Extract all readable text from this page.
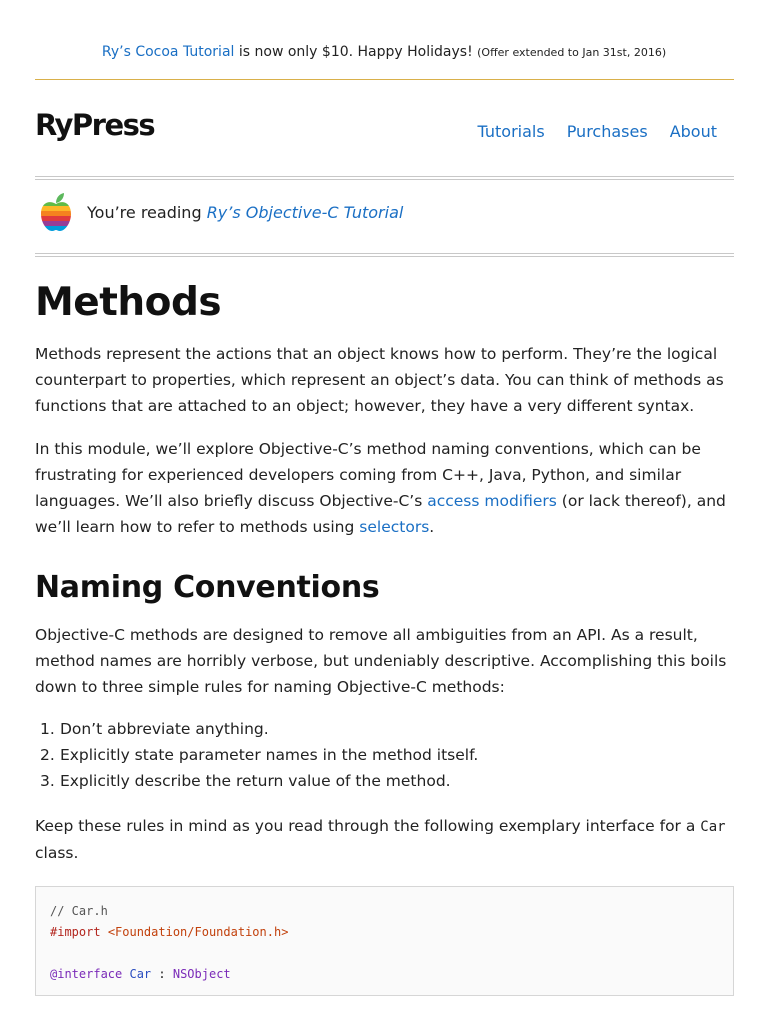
Ry’s Cocoa Tutorial is now only $10. Happy Holidays! (Offer extended to Jan 31st, 2016)
RyPress	Tutorials Purchases About
You’re reading Ry’s Objective-C Tutorial
Methods

Methods represent the actions that an object knows how to perform. They’re the logical counterpart to properties, which represent an object’s data. You can think of methods as functions that are attached to an object; however, they have a very different syntax.

In this module, we’ll explore Objective-C’s method naming conventions, which can be frustrating for experienced developers coming from C++, Java, Python, and similar languages. We’ll also briefly discuss Objective-C’s access modifiers (or lack thereof), and we’ll learn how to refer to methods using selectors.

Naming Conventions

Objective-C methods are designed to remove all ambiguities from an API. As a result, method names are horribly verbose, but undeniably descriptive. Accomplishing this boils down to three simple rules for naming Objective-C methods:

1. Don’t abbreviate anything.
2. Explicitly state parameter names in the method itself.
3. Explicitly describe the return value of the method.

Keep these rules in mind as you read through the following exemplary interface for a Car class.

// Car.h
#import <Foundation/Foundation.h>

@interface Car : NSObject
